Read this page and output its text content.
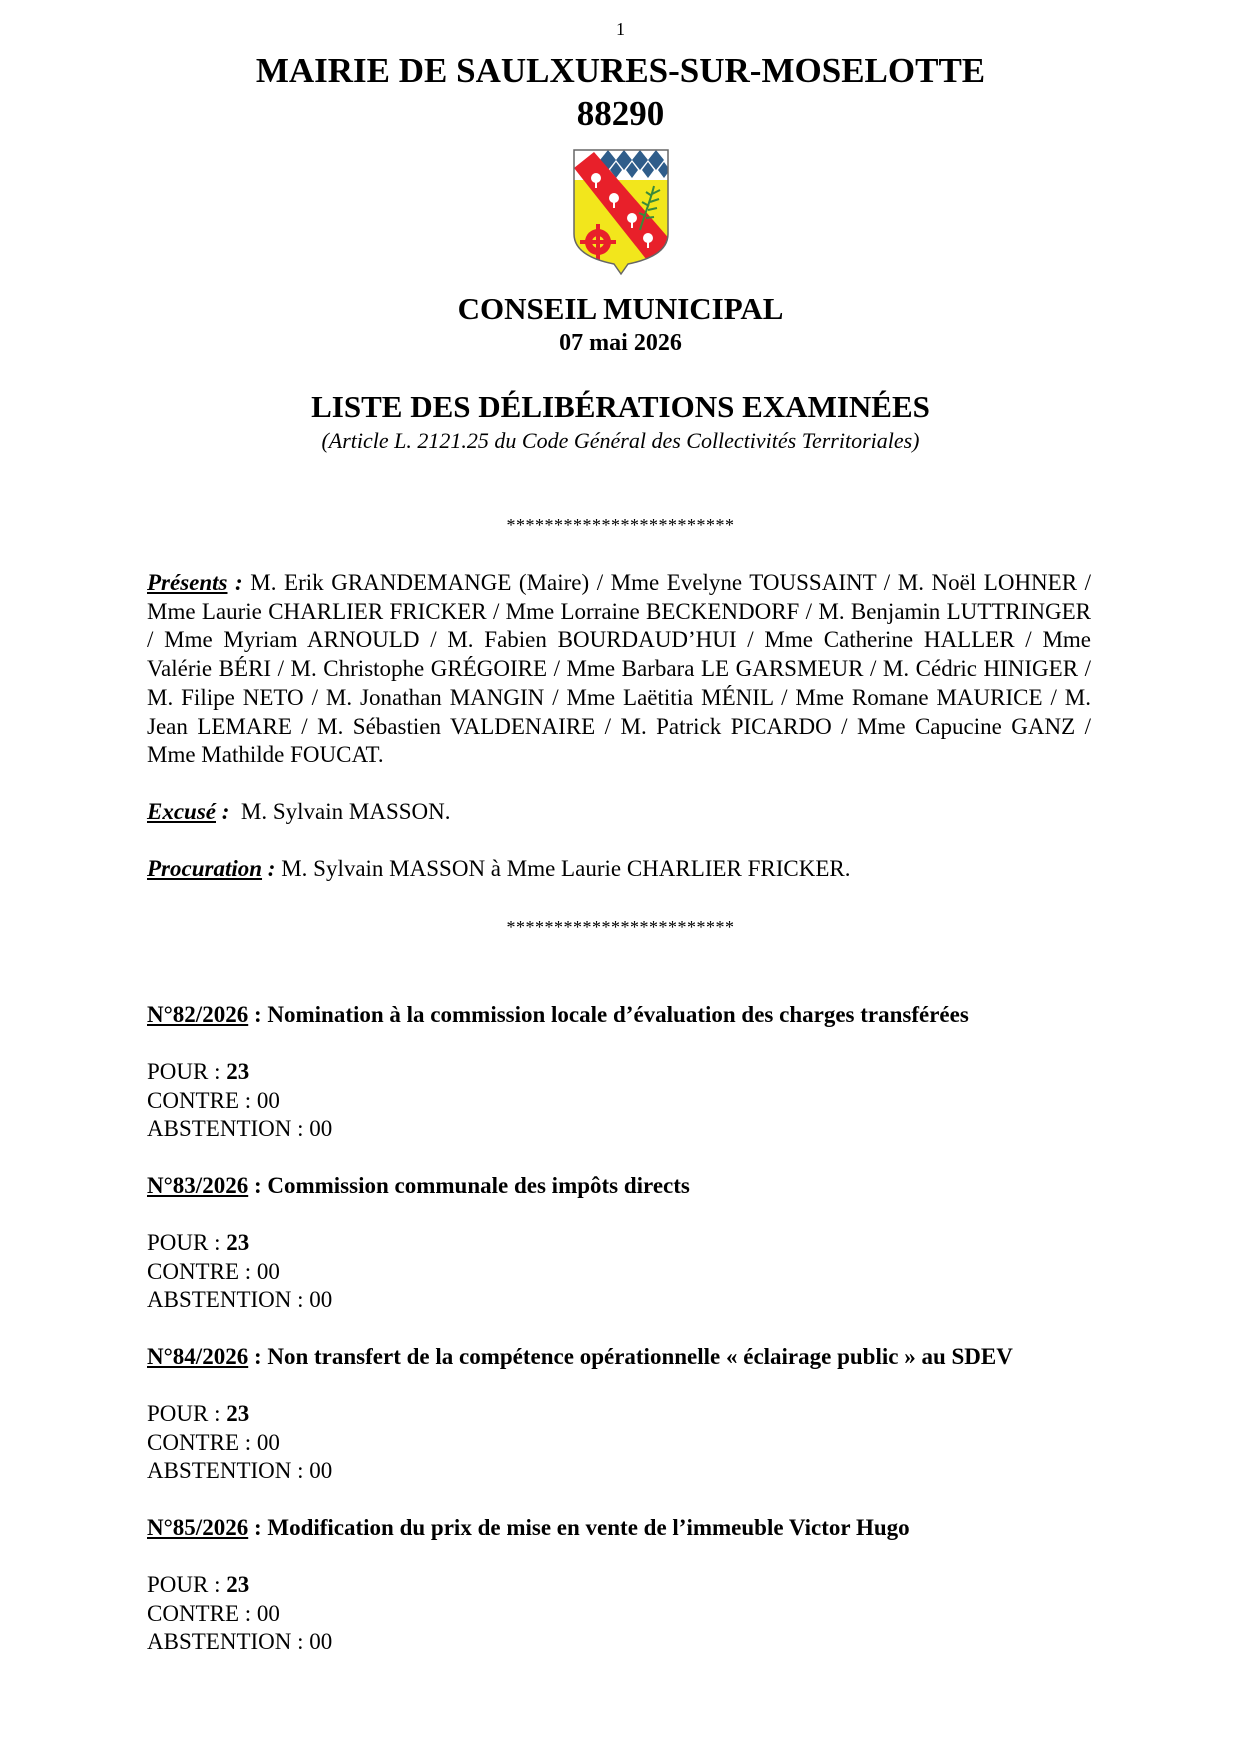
1
MAIRIE DE SAULXURES-SUR-MOSELOTTE
88290
CONSEIL MUNICIPAL
07 mai 2026
LISTE DES DÉLIBÉRATIONS EXAMINÉES
(Article L. 2121.25 du Code Général des Collectivités Territoriales)
************************
Présents : M. Erik GRANDEMANGE (Maire) / Mme Evelyne TOUSSAINT / M. Noël LOHNER / Mme Laurie CHARLIER FRICKER / Mme Lorraine BECKENDORF / M. Benjamin LUTTRINGER / Mme Myriam ARNOULD / M. Fabien BOURDAUD’HUI / Mme Catherine HALLER / Mme Valérie BÉRI / M. Christophe GRÉGOIRE / Mme Barbara LE GARSMEUR / M. Cédric HINIGER / M. Filipe NETO / M. Jonathan MANGIN / Mme Laëtitia MÉNIL / Mme Romane MAURICE / M. Jean LEMARE / M. Sébastien VALDENAIRE / M. Patrick PICARDO / Mme Capucine GANZ / Mme Mathilde FOUCAT.
Excusé :  M. Sylvain MASSON.
Procuration : M. Sylvain MASSON à Mme Laurie CHARLIER FRICKER.
************************
N°82/2026 : Nomination à la commission locale d’évaluation des charges transférées
POUR : 23
CONTRE : 00
ABSTENTION : 00
N°83/2026 : Commission communale des impôts directs
POUR : 23
CONTRE : 00
ABSTENTION : 00
N°84/2026 : Non transfert de la compétence opérationnelle « éclairage public » au SDEV
POUR : 23
CONTRE : 00
ABSTENTION : 00
N°85/2026 : Modification du prix de mise en vente de l’immeuble Victor Hugo
POUR : 23
CONTRE : 00
ABSTENTION : 00
